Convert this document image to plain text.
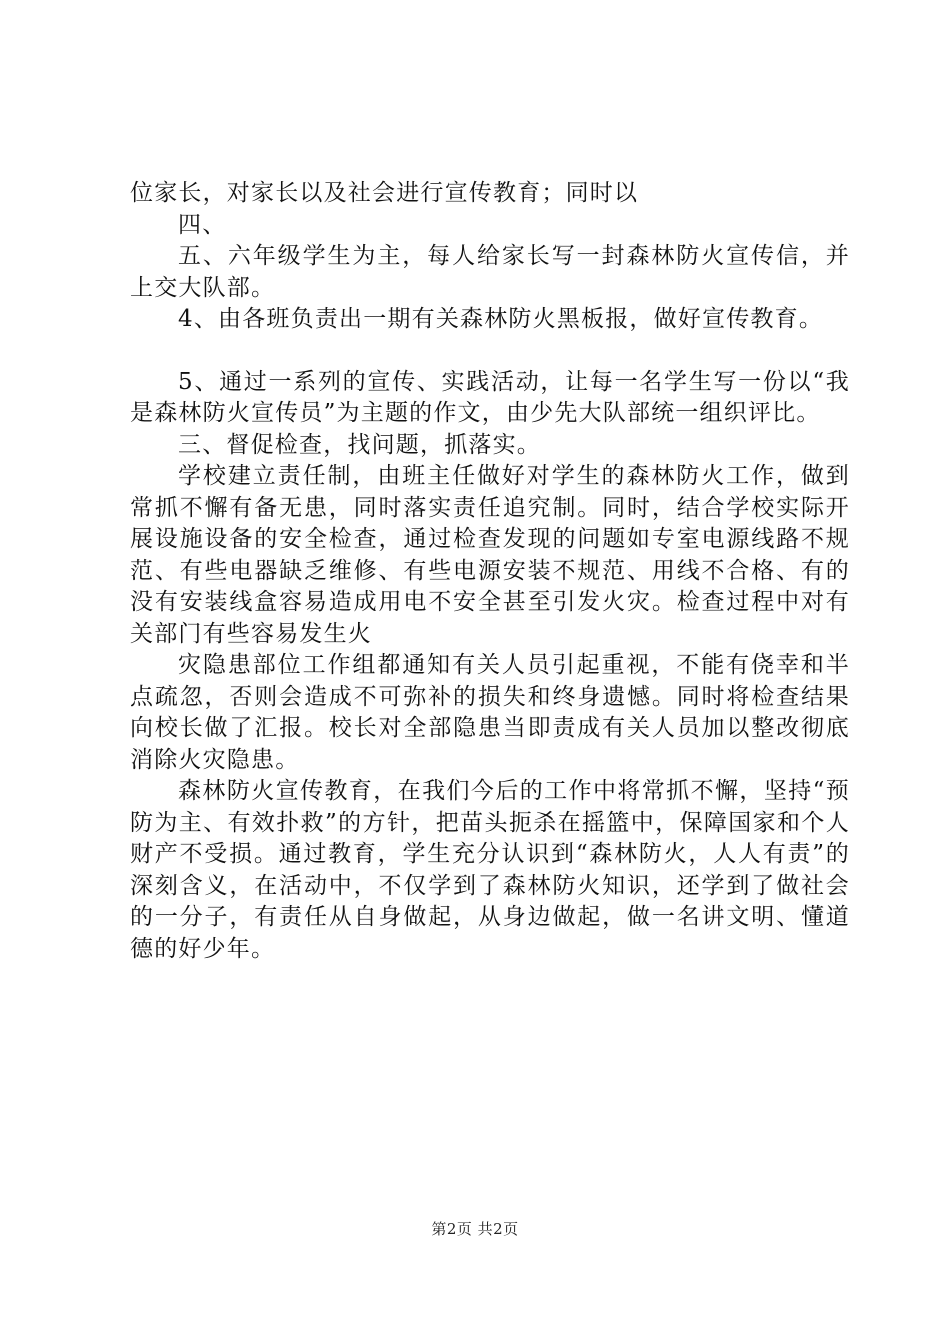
位家长，对家长以及社会进行宣传教育；同时以

四、

五、六年级学生为主，每人给家长写一封森林防火宣传信，并上交大队部。

4、由各班负责出一期有关森林防火黑板报，做好宣传教育。

5、通过一系列的宣传、实践活动，让每一名学生写一份以“我是森林防火宣传员”为主题的作文，由少先大队部统一组织评比。

三、督促检查，找问题，抓落实。

学校建立责任制，由班主任做好对学生的森林防火工作，做到常抓不懈有备无患，同时落实责任追究制。同时，结合学校实际开展设施设备的安全检查，通过检查发现的问题如专室电源线路不规范、有些电器缺乏维修、有些电源安装不规范、用线不合格、有的没有安装线盒容易造成用电不安全甚至引发火灾。检查过程中对有关部门有些容易发生火

灾隐患部位工作组都通知有关人员引起重视，不能有侥幸和半点疏忽，否则会造成不可弥补的损失和终身遗憾。同时将检查结果向校长做了汇报。校长对全部隐患当即责成有关人员加以整改彻底消除火灾隐患。

森林防火宣传教育，在我们今后的工作中将常抓不懈，坚持“预防为主、有效扑救”的方针，把苗头扼杀在摇篮中，保障国家和个人财产不受损。通过教育，学生充分认识到“森林防火，人人有责”的深刻含义，在活动中，不仅学到了森林防火知识，还学到了做社会的一分子，有责任从自身做起，从身边做起，做一名讲文明、懂道德的好少年。

第2页 共2页
